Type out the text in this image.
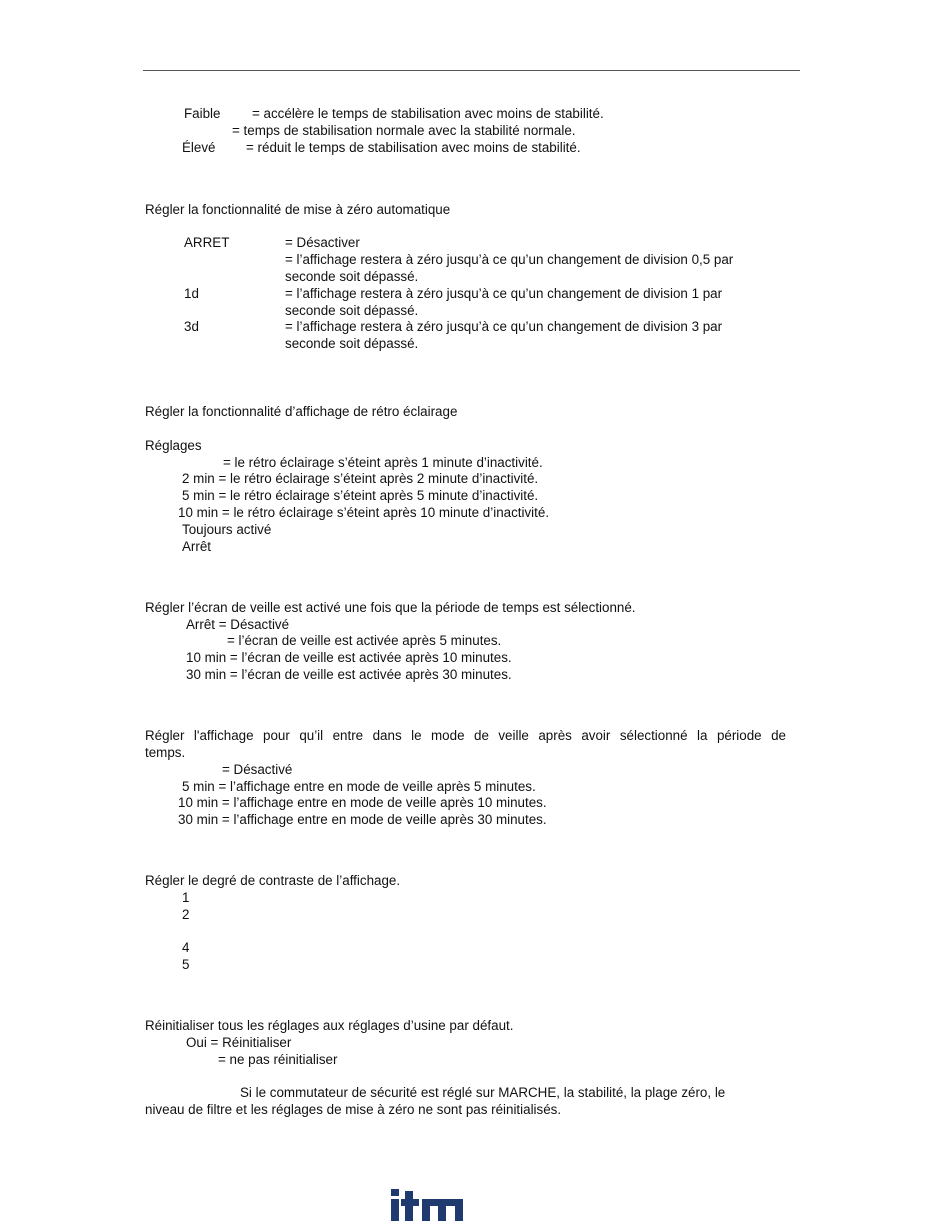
Faible = accélère le temps de stabilisation avec moins de stabilité.
= temps de stabilisation normale avec la stabilité normale.
Élevé = réduit le temps de stabilisation avec moins de stabilité.
Régler la fonctionnalité de mise à zéro automatique
ARRET	= Désactiver
= l’affichage restera à zéro jusqu’à ce qu’un changement de division 0,5 par
seconde soit dépassé.
1d	= l’affichage restera à zéro jusqu’à ce qu’un changement de division 1 par
seconde soit dépassé.
3d	= l’affichage restera à zéro jusqu’à ce qu’un changement de division 3 par
seconde soit dépassé.
Régler la fonctionnalité d’affichage de rétro éclairage
Réglages
= le rétro éclairage s’éteint après 1 minute d’inactivité.
2 min = le rétro éclairage s’éteint après 2 minute d’inactivité.
5 min = le rétro éclairage s’éteint après 5 minute d’inactivité.
10 min = le rétro éclairage s’éteint après 10 minute d’inactivité.
Toujours activé
Arrêt
Régler l’écran de veille est activé une fois que la période de temps est sélectionné.
Arrêt = Désactivé
= l’écran de veille est activée après 5 minutes.
10 min = l’écran de veille est activée après 10 minutes.
30 min = l’écran de veille est activée après 30 minutes.
Régler l'affichage pour qu’il entre dans le mode de veille après avoir sélectionné la période de
temps.
= Désactivé
5 min = l’affichage entre en mode de veille après 5 minutes.
10 min = l’affichage entre en mode de veille après 10 minutes.
30 min = l’affichage entre en mode de veille après 30 minutes.
Régler le degré de contraste de l’affichage.
1
2
4
5
Réinitialiser tous les réglages aux réglages d’usine par défaut.
Oui = Réinitialiser
= ne pas réinitialiser
Si le commutateur de sécurité est réglé sur MARCHE, la stabilité, la plage zéro, le
niveau de filtre et les réglages de mise à zéro ne sont pas réinitialisés.
